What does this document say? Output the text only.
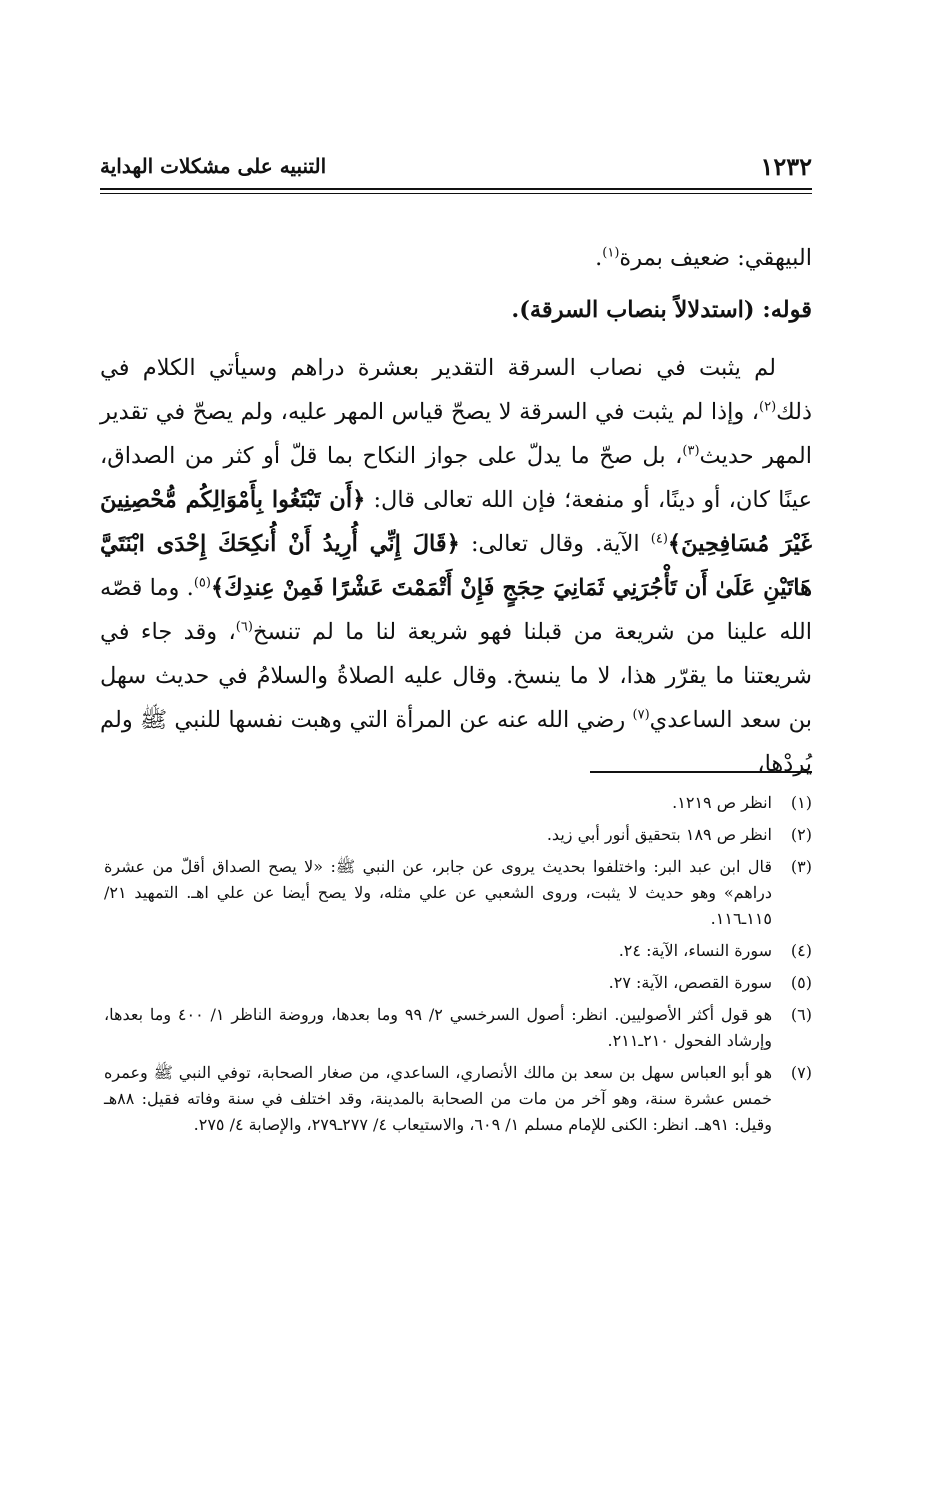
١٢٣٢
التنبيه على مشكلات الهداية

البيهقي: ضعيف بمرة$^{(١)}$.

قوله: (استدلالاً بنصاب السرقة).

لم يثبت في نصاب السرقة التقدير بعشرة دراهم وسيأتي الكلام في ذلك$^{(٢)}$، وإذا لم يثبت في السرقة لا يصحّ قياس المهر عليه، ولم يصحّ في تقدير المهر حديث$^{(٣)}$، بل صحّ ما يدلّ على جواز النكاح بما قلّ أو كثر من الصداق، عينًا كان، أو دينًا، أو منفعة؛ فإن الله تعالى قال: ﴿أَن تَبْتَغُوا بِأَمْوَالِكُم مُّحْصِنِينَ غَيْرَ مُسَافِحِينَ﴾$^{(٤)}$ الآية. وقال تعالى: ﴿قَالَ إِنِّي أُرِيدُ أَنْ أُنكِحَكَ إِحْدَى ابْنَتَيَّ هَاتَيْنِ عَلَىٰ أَن تَأْجُرَنِي ثَمَانِيَ حِجَجٍ فَإِنْ أَتْمَمْتَ عَشْرًا فَمِنْ عِندِكَ﴾$^{(٥)}$. وما قصّه الله علينا من شريعة من قبلنا فهو شريعة لنا ما لم تنسخ$^{(٦)}$، وقد جاء في شريعتنا ما يقرّر هذا، لا ما ينسخ. وقال عليه الصلاةُ والسلامُ في حديث سهل بن سعد الساعدي$^{(٧)}$ رضي الله عنه عن المرأة التي وهبت نفسها للنبي ﷺ ولم يُردْها،

(١)
انظر ص ١٢١٩.
(٢)
انظر ص ١٨٩ بتحقيق أنور أبي زيد.
(٣)
قال ابن عبد البر: واختلفوا بحديث يروى عن جابر، عن النبي ﷺ: «لا يصح الصداق أقلّ من عشرة دراهم» وهو حديث لا يثبت، وروى الشعبي عن علي مثله، ولا يصح أيضا عن علي اهـ. التمهيد ٢١/ ١١٥ـ١١٦.
(٤)
سورة النساء، الآية: ٢٤.
(٥)
سورة القصص، الآية: ٢٧.
(٦)
هو قول أكثر الأصوليين. انظر: أصول السرخسي ٢/ ٩٩ وما بعدها، وروضة الناظر ١/ ٤٠٠ وما بعدها، وإرشاد الفحول ٢١٠ـ٢١١.
(٧)
هو أبو العباس سهل بن سعد بن مالك الأنصاري، الساعدي، من صغار الصحابة، توفي النبي ﷺ وعمره خمس عشرة سنة، وهو آخر من مات من الصحابة بالمدينة، وقد اختلف في سنة وفاته فقيل: ٨٨هـ وقيل: ٩١هـ. انظر: الكنى للإمام مسلم ١/ ٦٠٩، والاستيعاب ٤/ ٢٧٧ـ٢٧٩، والإصابة ٤/ ٢٧٥.
